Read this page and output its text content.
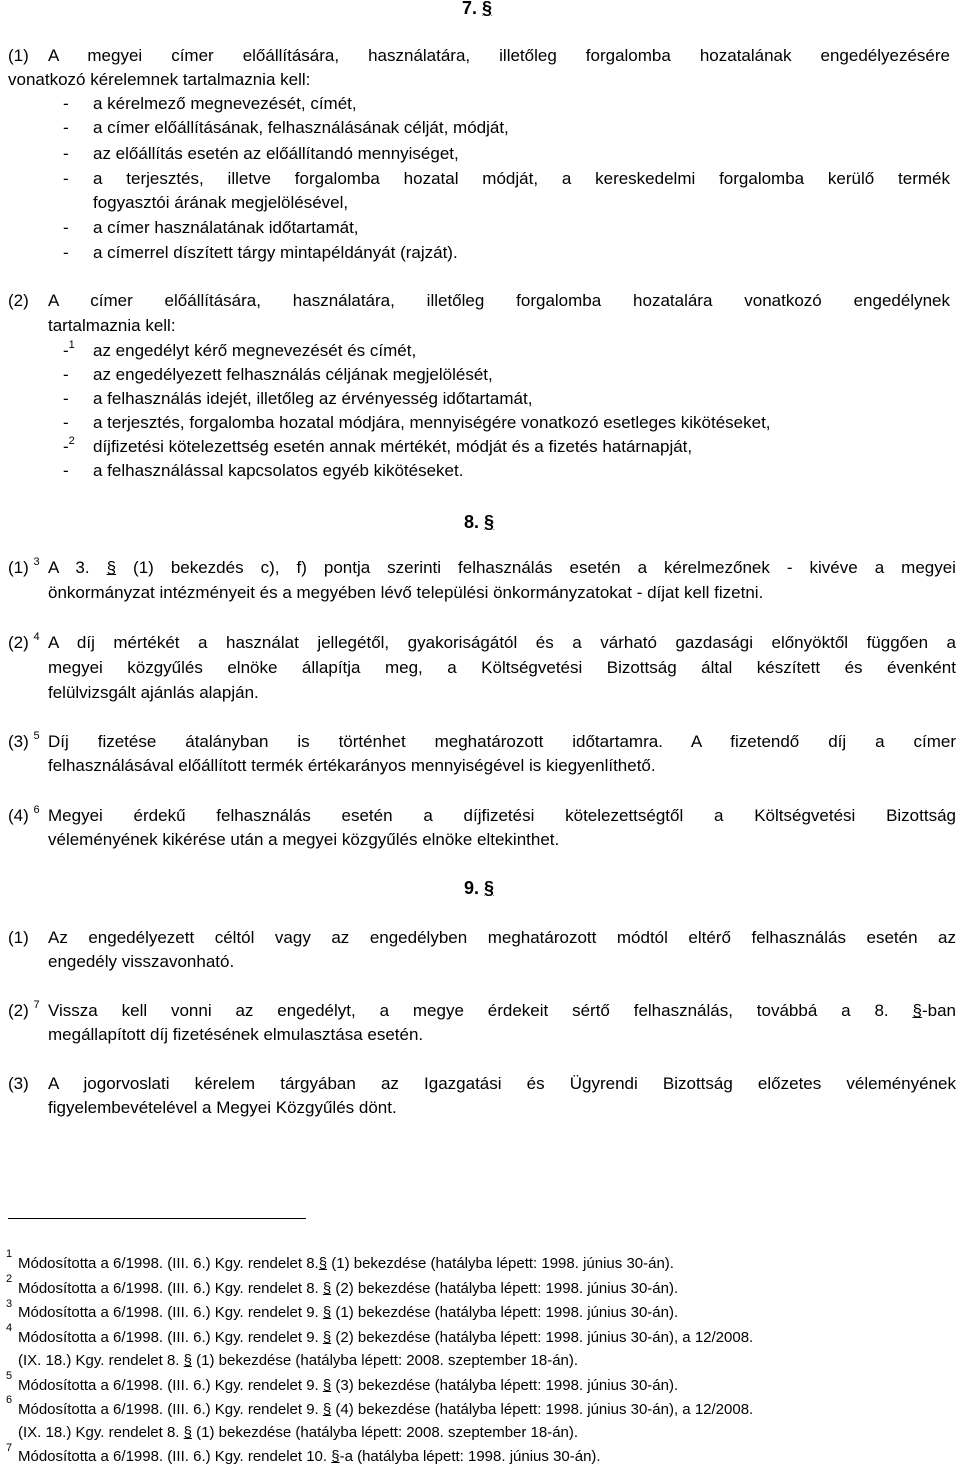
7. §
(1) A megyei címer előállítására, használatára, illetőleg forgalomba hozatalának engedélyezésére
vonatkozó kérelemnek tartalmaznia kell:
- a kérelmező megnevezését, címét,
- a címer előállításának, felhasználásának célját, módját,
- az előállítás esetén az előállítandó mennyiséget,
- a terjesztés, illetve forgalomba hozatal módját, a kereskedelmi forgalomba kerülő termék
fogyasztói árának megjelölésével,
- a címer használatának időtartamát,
- a címerrel díszített tárgy mintapéldányát (rajzát).
(2) A címer előállítására, használatára, illetőleg forgalomba hozatalára vonatkozó engedélynek
tartalmaznia kell:
-$^1$ az engedélyt kérő megnevezését és címét,
- az engedélyezett felhasználás céljának megjelölését,
- a felhasználás idejét, illetőleg az érvényesség időtartamát,
- a terjesztés, forgalomba hozatal módjára, mennyiségére vonatkozó esetleges kikötéseket,
-$^2$ díjfizetési kötelezettség esetén annak mértékét, módját és a fizetés határnapját,
- a felhasználással kapcsolatos egyéb kikötéseket.
8. §
(1) $^3$ A 3. § (1) bekezdés c), f) pontja szerinti felhasználás esetén a kérelmezőnek - kivéve a megyei
önkormányzat intézményeit és a megyében lévő települési önkormányzatokat - díjat kell fizetni.
(2) $^4$ A díj mértékét a használat jellegétől, gyakoriságától és a várható gazdasági előnyöktől függően a
megyei közgyűlés elnöke állapítja meg, a Költségvetési Bizottság által készített és évenként
felülvizsgált ajánlás alapján.
(3) $^5$ Díj fizetése átalányban is történhet meghatározott időtartamra. A fizetendő díj a címer
felhasználásával előállított termék értékarányos mennyiségével is kiegyenlíthető.
(4) $^6$ Megyei érdekű felhasználás esetén a díjfizetési kötelezettségtől a Költségvetési Bizottság
véleményének kikérése után a megyei közgyűlés elnöke eltekinthet.
9. §
(1) Az engedélyezett céltól vagy az engedélyben meghatározott módtól eltérő felhasználás esetén az
engedély visszavonható.
(2) $^7$ Vissza kell vonni az engedélyt, a megye érdekeit sértő felhasználás, továbbá a 8. §-ban
megállapított díj fizetésének elmulasztása esetén.
(3) A jogorvoslati kérelem tárgyában az Igazgatási és Ügyrendi Bizottság előzetes véleményének
figyelembevételével a Megyei Közgyűlés dönt.
1
Módosította a 6/1998. (III. 6.) Kgy. rendelet 8.§ (1) bekezdése (hatályba lépett: 1998. június 30-án).
2
Módosította a 6/1998. (III. 6.) Kgy. rendelet 8. § (2) bekezdése (hatályba lépett: 1998. június 30-án).
3 Módosította a 6/1998. (III. 6.) Kgy. rendelet 9. § (1) bekezdése (hatályba lépett: 1998. június 30-án).
4
Módosította a 6/1998. (III. 6.) Kgy. rendelet 9. § (2) bekezdése (hatályba lépett: 1998. június 30-án), a 12/2008.
(IX. 18.) Kgy. rendelet 8. § (1) bekezdése (hatályba lépett: 2008. szeptember 18-án).
5
Módosította a 6/1998. (III. 6.) Kgy. rendelet 9. § (3) bekezdése (hatályba lépett: 1998. június 30-án).
6
Módosította a 6/1998. (III. 6.) Kgy. rendelet 9. § (4) bekezdése (hatályba lépett: 1998. június 30-án), a 12/2008.
(IX. 18.) Kgy. rendelet 8. § (1) bekezdése (hatályba lépett: 2008. szeptember 18-án).
7 Módosította a 6/1998. (III. 6.) Kgy. rendelet 10. §-a (hatályba lépett: 1998. június 30-án).
